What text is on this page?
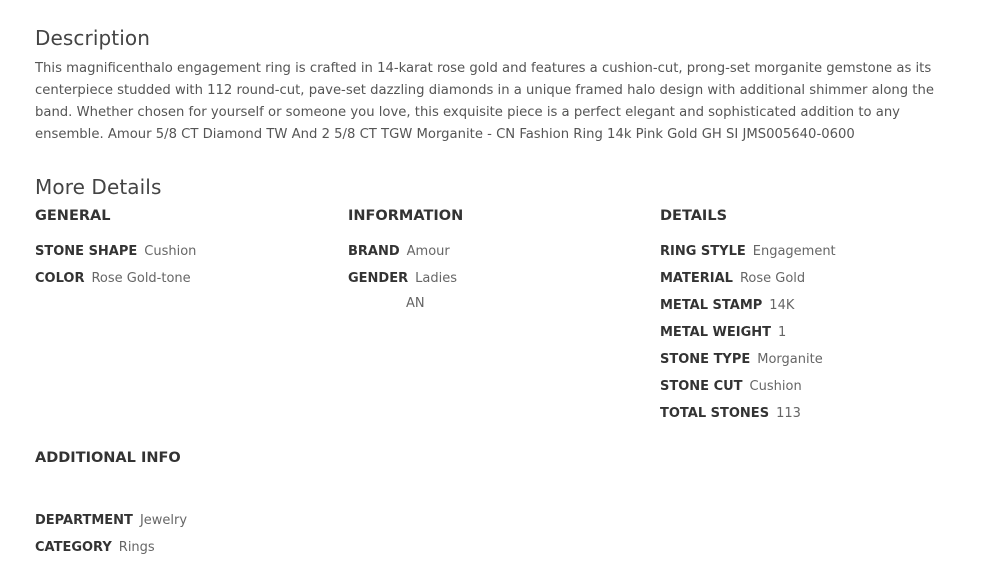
Description

This magnificenthalo engagement ring is crafted in 14-karat rose gold and features a cushion-cut, prong-set morganite gemstone as its centerpiece studded with 112 round-cut, pave-set dazzling diamonds in a unique framed halo design with additional shimmer along the band. Whether chosen for yourself or someone you love, this exquisite piece is a perfect elegant and sophisticated addition to any ensemble. Amour 5/8 CT Diamond TW And 2 5/8 CT TGW Morganite - CN Fashion Ring 14k Pink Gold GH SI JMS005640-0600

More Details
GENERAL
STONE SHAPE Cushion
COLOR Rose Gold-tone
INFORMATION
BRAND Amour
GENDER Ladies
AN
DETAILS
RING STYLE Engagement
MATERIAL Rose Gold
METAL STAMP 14K
METAL WEIGHT 1
STONE TYPE Morganite
STONE CUT Cushion
TOTAL STONES 113
ADDITIONAL INFO
DEPARTMENT Jewelry
CATEGORY Rings
